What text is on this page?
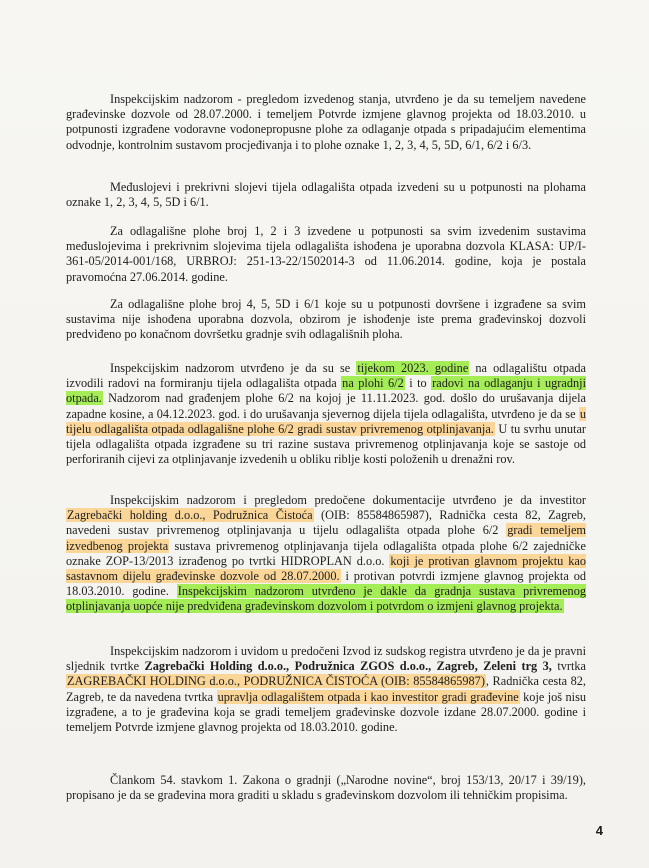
Inspekcijskim nadzorom - pregledom izvedenog stanja, utvrđeno je da su temeljem navedene građevinske dozvole od 28.07.2000. i temeljem Potvrde izmjene glavnog projekta od 18.03.2010. u potpunosti izgrađene vodoravne vodonepropusne plohe za odlaganje otpada s pripadajućim elementima odvodnje, kontrolnim sustavom procjeđivanja i to plohe oznake 1, 2, 3, 4, 5, 5D, 6/1, 6/2 i 6/3.

Međuslojevi i prekrivni slojevi tijela odlagališta otpada izvedeni su u potpunosti na plohama oznake 1, 2, 3, 4, 5, 5D i 6/1.

Za odlagališne plohe broj 1, 2 i 3 izvedene u potpunosti sa svim izvedenim sustavima međuslojevima i prekrivnim slojevima tijela odlagališta ishođena je uporabna dozvola KLASA: UP/I-361-05/2014-001/168, URBROJ: 251-13-22/1502014-3 od 11.06.2014. godine, koja je postala pravomoćna 27.06.2014. godine.

Za odlagališne plohe broj 4, 5, 5D i 6/1 koje su u potpunosti dovršene i izgrađene sa svim sustavima nije ishođena uporabna dozvola, obzirom je ishođenje iste prema građevinskoj dozvoli predviđeno po konačnom dovršetku gradnje svih odlagališnih ploha.

Inspekcijskim nadzorom utvrđeno je da su se tijekom 2023. godine na odlagalištu otpada izvodili radovi na formiranju tijela odlagališta otpada na plohi 6/2 i to radovi na odlaganju i ugradnji otpada. Nadzorom nad građenjem plohe 6/2 na kojoj je 11.11.2023. god. došlo do urušavanja dijela zapadne kosine, a 04.12.2023. god. i do urušavanja sjevernog dijela tijela odlagališta, utvrđeno je da se u tijelu odlagališta otpada odlagališne plohe 6/2 gradi sustav privremenog otplinjavanja. U tu svrhu unutar tijela odlagališta otpada izgrađene su tri razine sustava privremenog otplinjavanja koje se sastoje od perforiranih cijevi za otplinjavanje izvedenih u obliku riblje kosti položenih u drenažni rov.

Inspekcijskim nadzorom i pregledom predočene dokumentacije utvrđeno je da investitor Zagrebački holding d.o.o., Podružnica Čistoća (OIB: 85584865987), Radnička cesta 82, Zagreb, navedeni sustav privremenog otplinjavanja u tijelu odlagališta otpada plohe 6/2 gradi temeljem izvedbenog projekta sustava privremenog otplinjavanja tijela odlagališta otpada plohe 6/2 zajedničke oznake ZOP-13/2013 izrađenog po tvrtki HIDROPLAN d.o.o. koji je protivan glavnom projektu kao sastavnom dijelu građevinske dozvole od 28.07.2000. i protivan potvrdi izmjene glavnog projekta od 18.03.2010. godine. Inspekcijskim nadzorom utvrđeno je dakle da gradnja sustava privremenog otplinjavanja uopće nije predviđena građevinskom dozvolom i potvrdom o izmjeni glavnog projekta.

Inspekcijskim nadzorom i uvidom u predočeni Izvod iz sudskog registra utvrđeno je da je pravni sljednik tvrtke Zagrebački Holding d.o.o., Podružnica ZGOS d.o.o., Zagreb, Zeleni trg 3, tvrtka ZAGREBAČKI HOLDING d.o.o., PODRUŽNICA ČISTOĆA (OIB: 85584865987), Radnička cesta 82, Zagreb, te da navedena tvrtka upravlja odlagalištem otpada i kao investitor gradi građevine koje još nisu izgrađene, a to je građevina koja se gradi temeljem građevinske dozvole izdane 28.07.2000. godine i temeljem Potvrde izmjene glavnog projekta od 18.03.2010. godine.

Člankom 54. stavkom 1. Zakona o gradnji („Narodne novine“, broj 153/13, 20/17 i 39/19), propisano je da se građevina mora graditi u skladu s građevinskom dozvolom ili tehničkim propisima.

4
